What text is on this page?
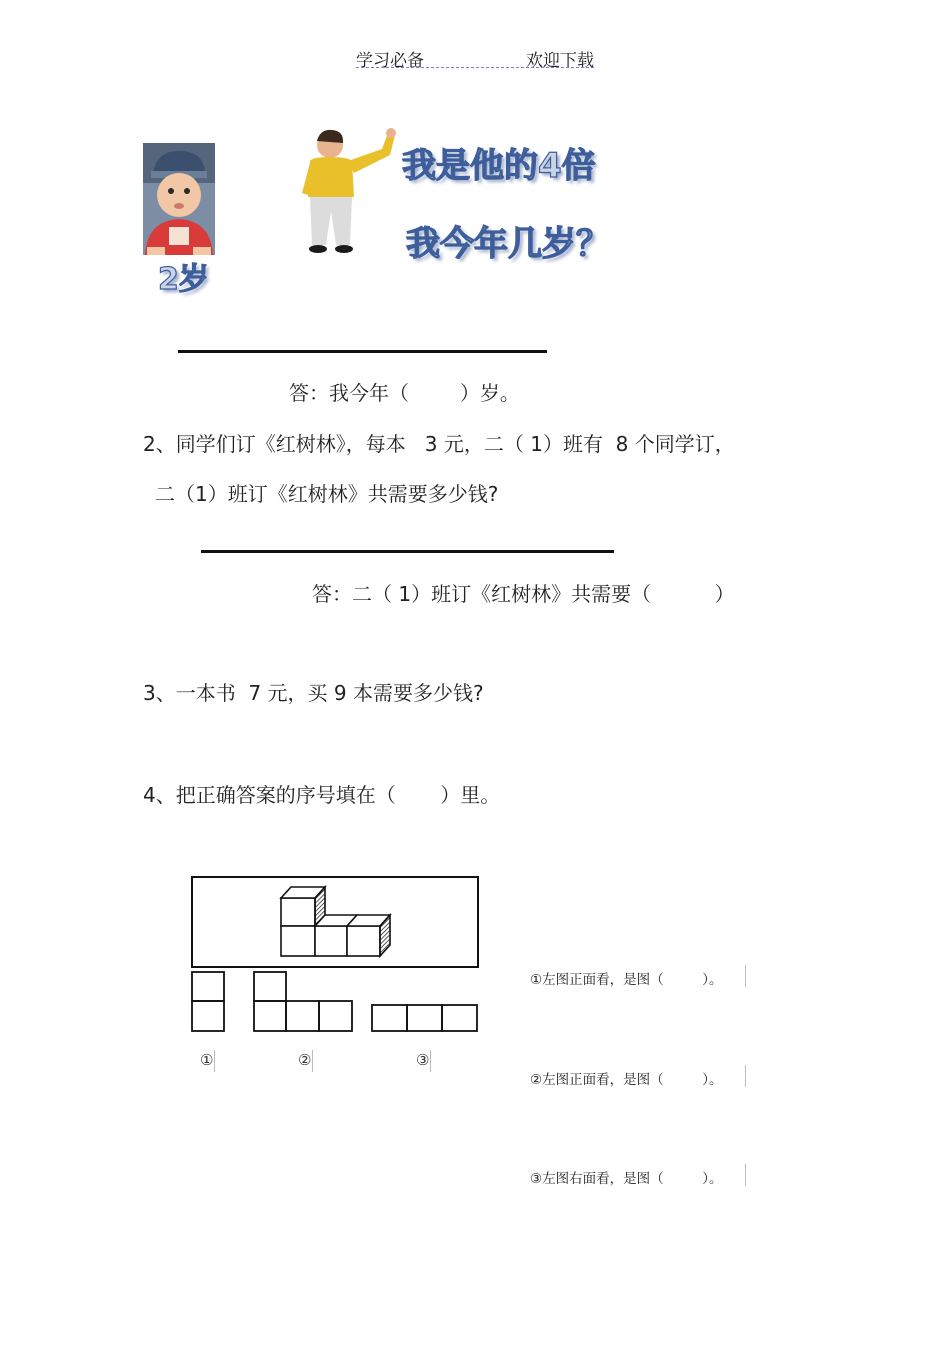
学习必备	欢迎下载
2岁
我是他的4倍
我今年几岁？
答：我今年（        ）岁。
2、同学们订《红树林》，每本   3 元，二（ 1）班有  8 个同学订，
二（1）班订《红树林》共需要多少钱?
答：二（ 1）班订《红树林》共需要（          ）
3、一本书  7 元，买 9 本需要多少钱?
4、把正确答案的序号填在（       ）里。
①	②	③
①左图正面看，是图（         ）。
②左图正面看，是图（         ）。
③左图右面看，是图（         ）。
